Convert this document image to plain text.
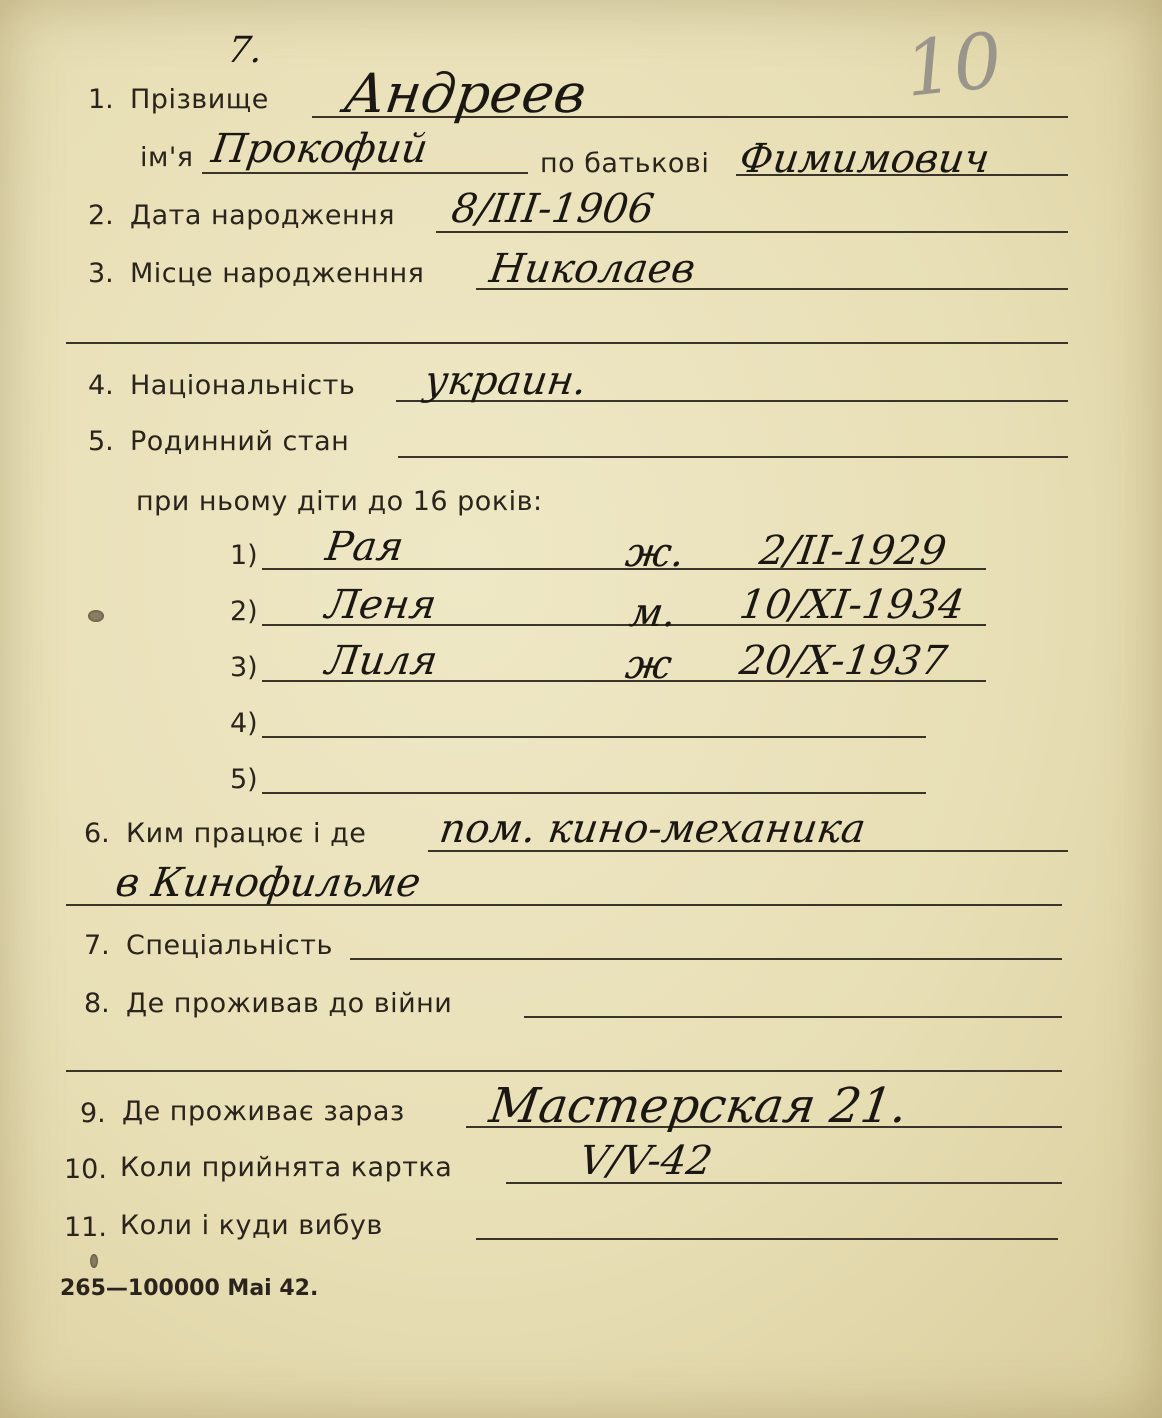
10
7.
1. Прізвище Андреев
ім'я Прокофий	по батькові Фимимович
2. Дата народження 8/III-1906
3. Місце народженння Николаев
4. Національність украин.
5. Родинний стан
при ньому діти до 16 років:
1) Рая	ж. 2/II-1929
2) Леня	м. 10/XI-1934
3) Лиля	ж 20/X-1937
4)
5)
6. Ким працює і де пом. кино-механика
в Кинофильме
7. Спеціальність
8. Де проживав до війни
9. Де проживає зараз Мастерская 21.
10. Коли прийнята картка	V/V-42
11. Коли і куди вибув
265—100000 Mai 42.
